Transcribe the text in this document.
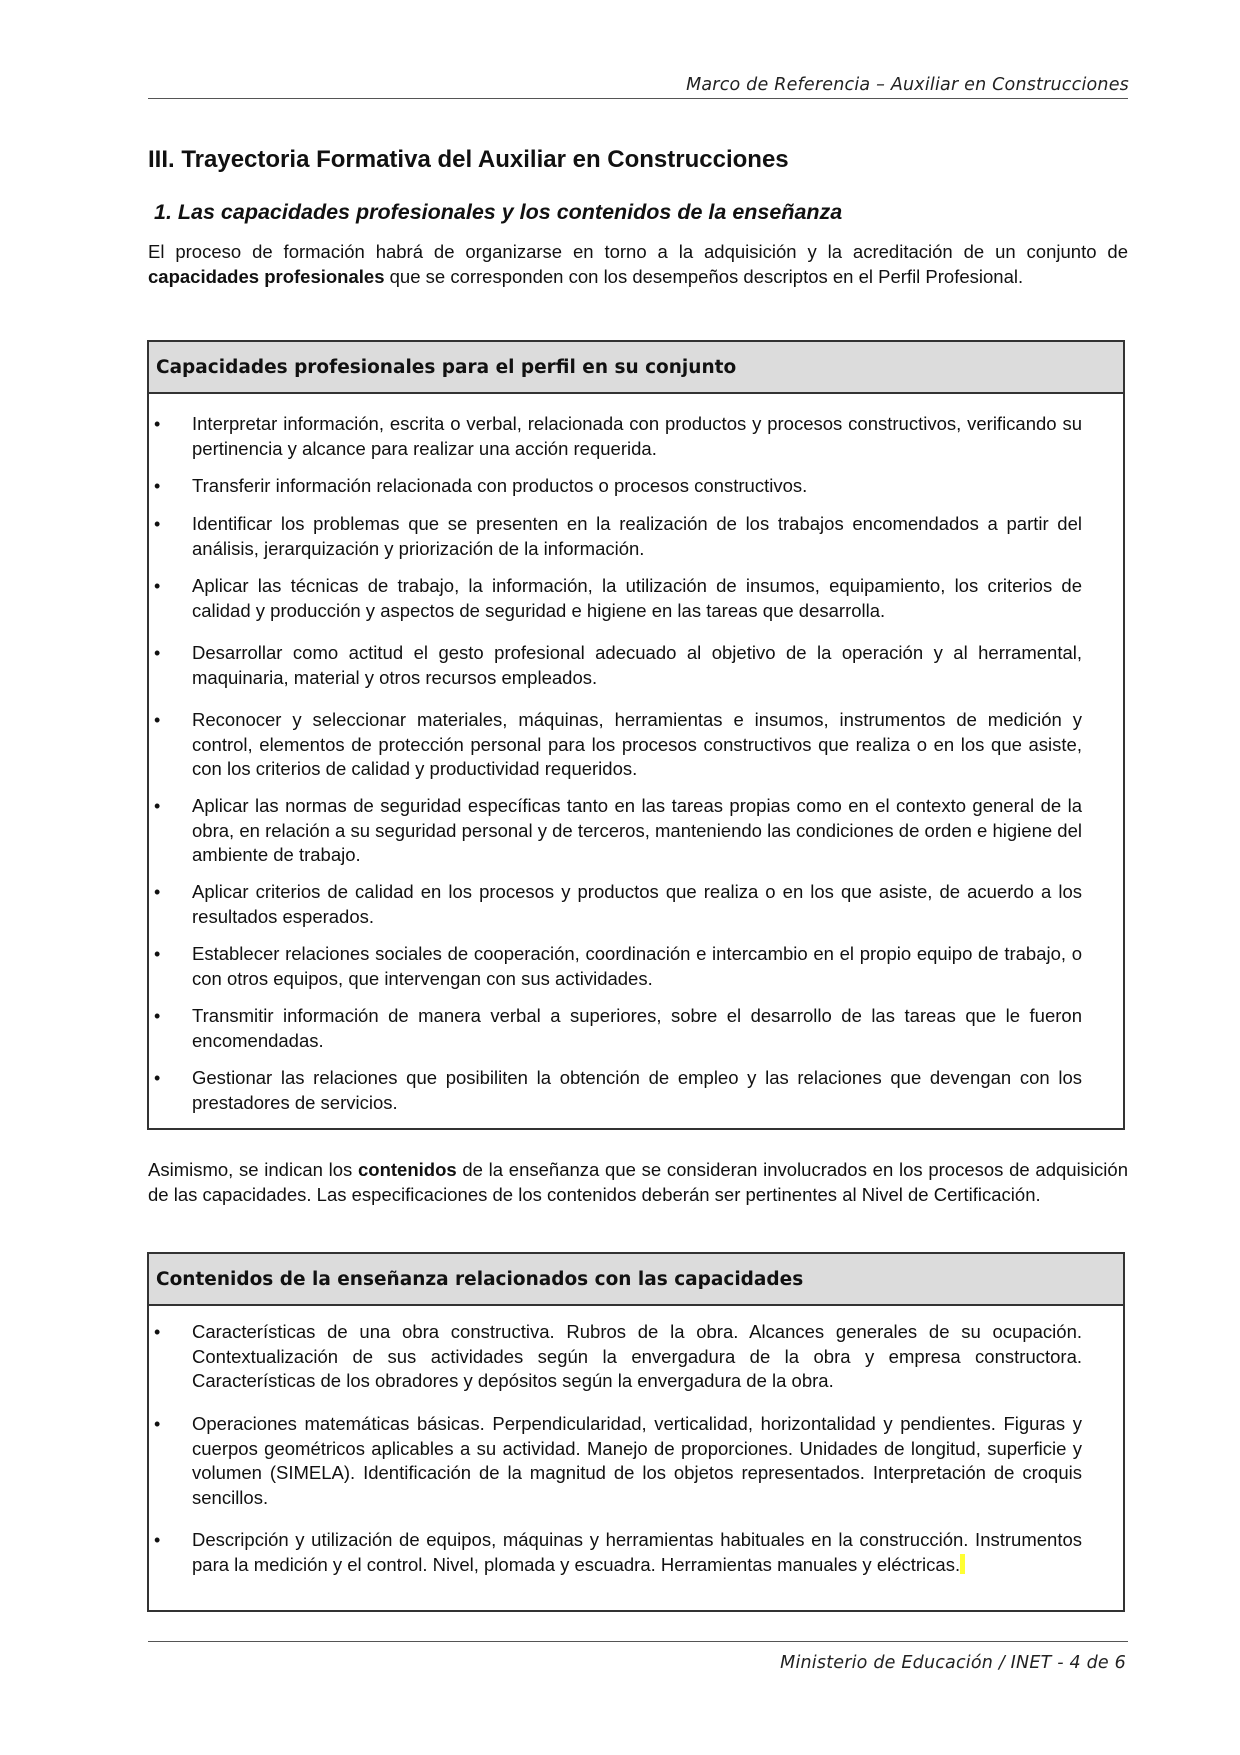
Marco de Referencia – Auxiliar en Construcciones
III. Trayectoria Formativa del Auxiliar en Construcciones
1. Las capacidades profesionales y los contenidos de la enseñanza

El proceso de formación habrá de organizarse en torno a la adquisición y la acreditación de un conjunto de capacidades profesionales que se corresponden con los desempeños descriptos en el Perfil Profesional.

Capacidades profesionales para el perfil en su conjunto
• Interpretar información, escrita o verbal, relacionada con productos y procesos constructivos, verificando su pertinencia y alcance para realizar una acción requerida.
• Transferir información relacionada con productos o procesos constructivos.
• Identificar los problemas que se presenten en la realización de los trabajos encomendados a partir del análisis, jerarquización y priorización de la información.
• Aplicar las técnicas de trabajo, la información, la utilización de insumos, equipamiento, los criterios de calidad y producción y aspectos de seguridad e higiene en las tareas que desarrolla.
• Desarrollar como actitud el gesto profesional adecuado al objetivo de la operación y al herramental, maquinaria, material y otros recursos empleados.
• Reconocer y seleccionar materiales, máquinas, herramientas e insumos, instrumentos de medición y control, elementos de protección personal para los procesos constructivos que realiza o en los que asiste, con los criterios de calidad y productividad requeridos.
• Aplicar las normas de seguridad específicas tanto en las tareas propias como en el contexto general de la obra, en relación a su seguridad personal y de terceros, manteniendo las condiciones de orden e higiene del ambiente de trabajo.
• Aplicar criterios de calidad en los procesos y productos que realiza o en los que asiste, de acuerdo a los resultados esperados.
• Establecer relaciones sociales de cooperación, coordinación e intercambio en el propio equipo de trabajo, o con otros equipos, que intervengan con sus actividades.
• Transmitir información de manera verbal a superiores, sobre el desarrollo de las tareas que le fueron encomendadas.
• Gestionar las relaciones que posibiliten la obtención de empleo y las relaciones que devengan con los prestadores de servicios.

Asimismo, se indican los contenidos de la enseñanza que se consideran involucrados en los procesos de adquisición de las capacidades. Las especificaciones de los contenidos deberán ser pertinentes al Nivel de Certificación.

Contenidos de la enseñanza relacionados con las capacidades
• Características de una obra constructiva. Rubros de la obra. Alcances generales de su ocupación. Contextualización de sus actividades según la envergadura de la obra y empresa constructora. Características de los obradores y depósitos según la envergadura de la obra.
• Operaciones matemáticas básicas. Perpendicularidad, verticalidad, horizontalidad y pendientes. Figuras y cuerpos geométricos aplicables a su actividad. Manejo de proporciones. Unidades de longitud, superficie y volumen (SIMELA). Identificación de la magnitud de los objetos representados. Interpretación de croquis sencillos.
• Descripción y utilización de equipos, máquinas y herramientas habituales en la construcción. Instrumentos para la medición y el control. Nivel, plomada y escuadra. Herramientas manuales y eléctricas.
Ministerio de Educación / INET - 4 de 6
